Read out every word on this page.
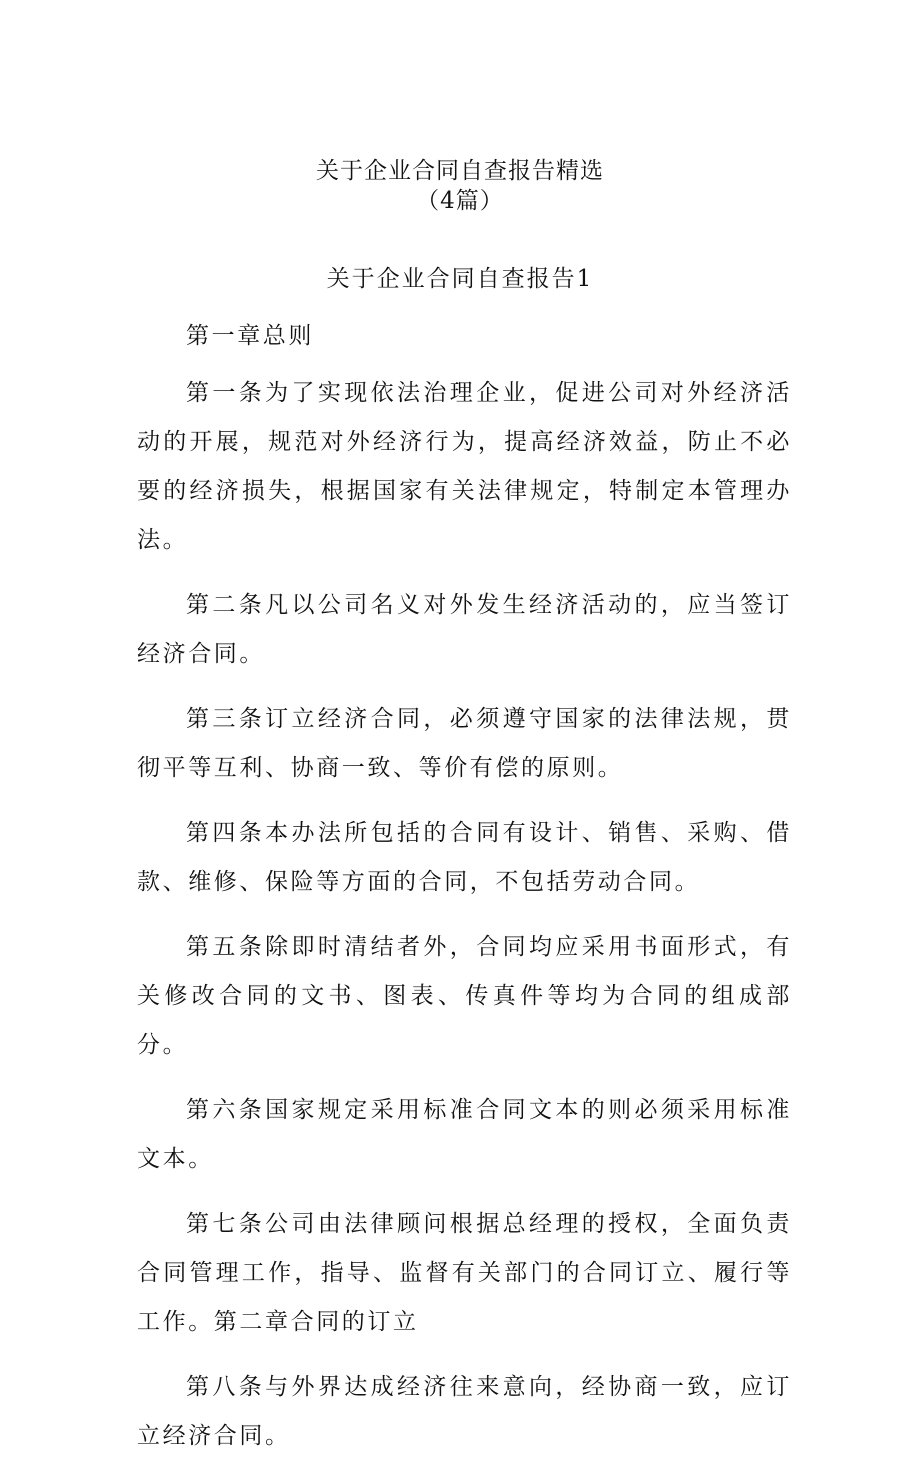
关于企业合同自查报告精选
（4篇）
关于企业合同自查报告1

第一章总则

第一条为了实现依法治理企业，促进公司对外经济活动的开展，规范对外经济行为，提高经济效益，防止不必要的经济损失，根据国家有关法律规定，特制定本管理办法。

第二条凡以公司名义对外发生经济活动的，应当签订经济合同。

第三条订立经济合同，必须遵守国家的法律法规，贯彻平等互利、协商一致、等价有偿的原则。

第四条本办法所包括的合同有设计、销售、采购、借款、维修、保险等方面的合同，不包括劳动合同。

第五条除即时清结者外，合同均应采用书面形式，有关修改合同的文书、图表、传真件等均为合同的组成部分。

第六条国家规定采用标准合同文本的则必须采用标准文本。

第七条公司由法律顾问根据总经理的授权，全面负责合同管理工作，指导、监督有关部门的合同订立、履行等工作。第二章合同的订立

第八条与外界达成经济往来意向，经协商一致，应订立经济合同。
